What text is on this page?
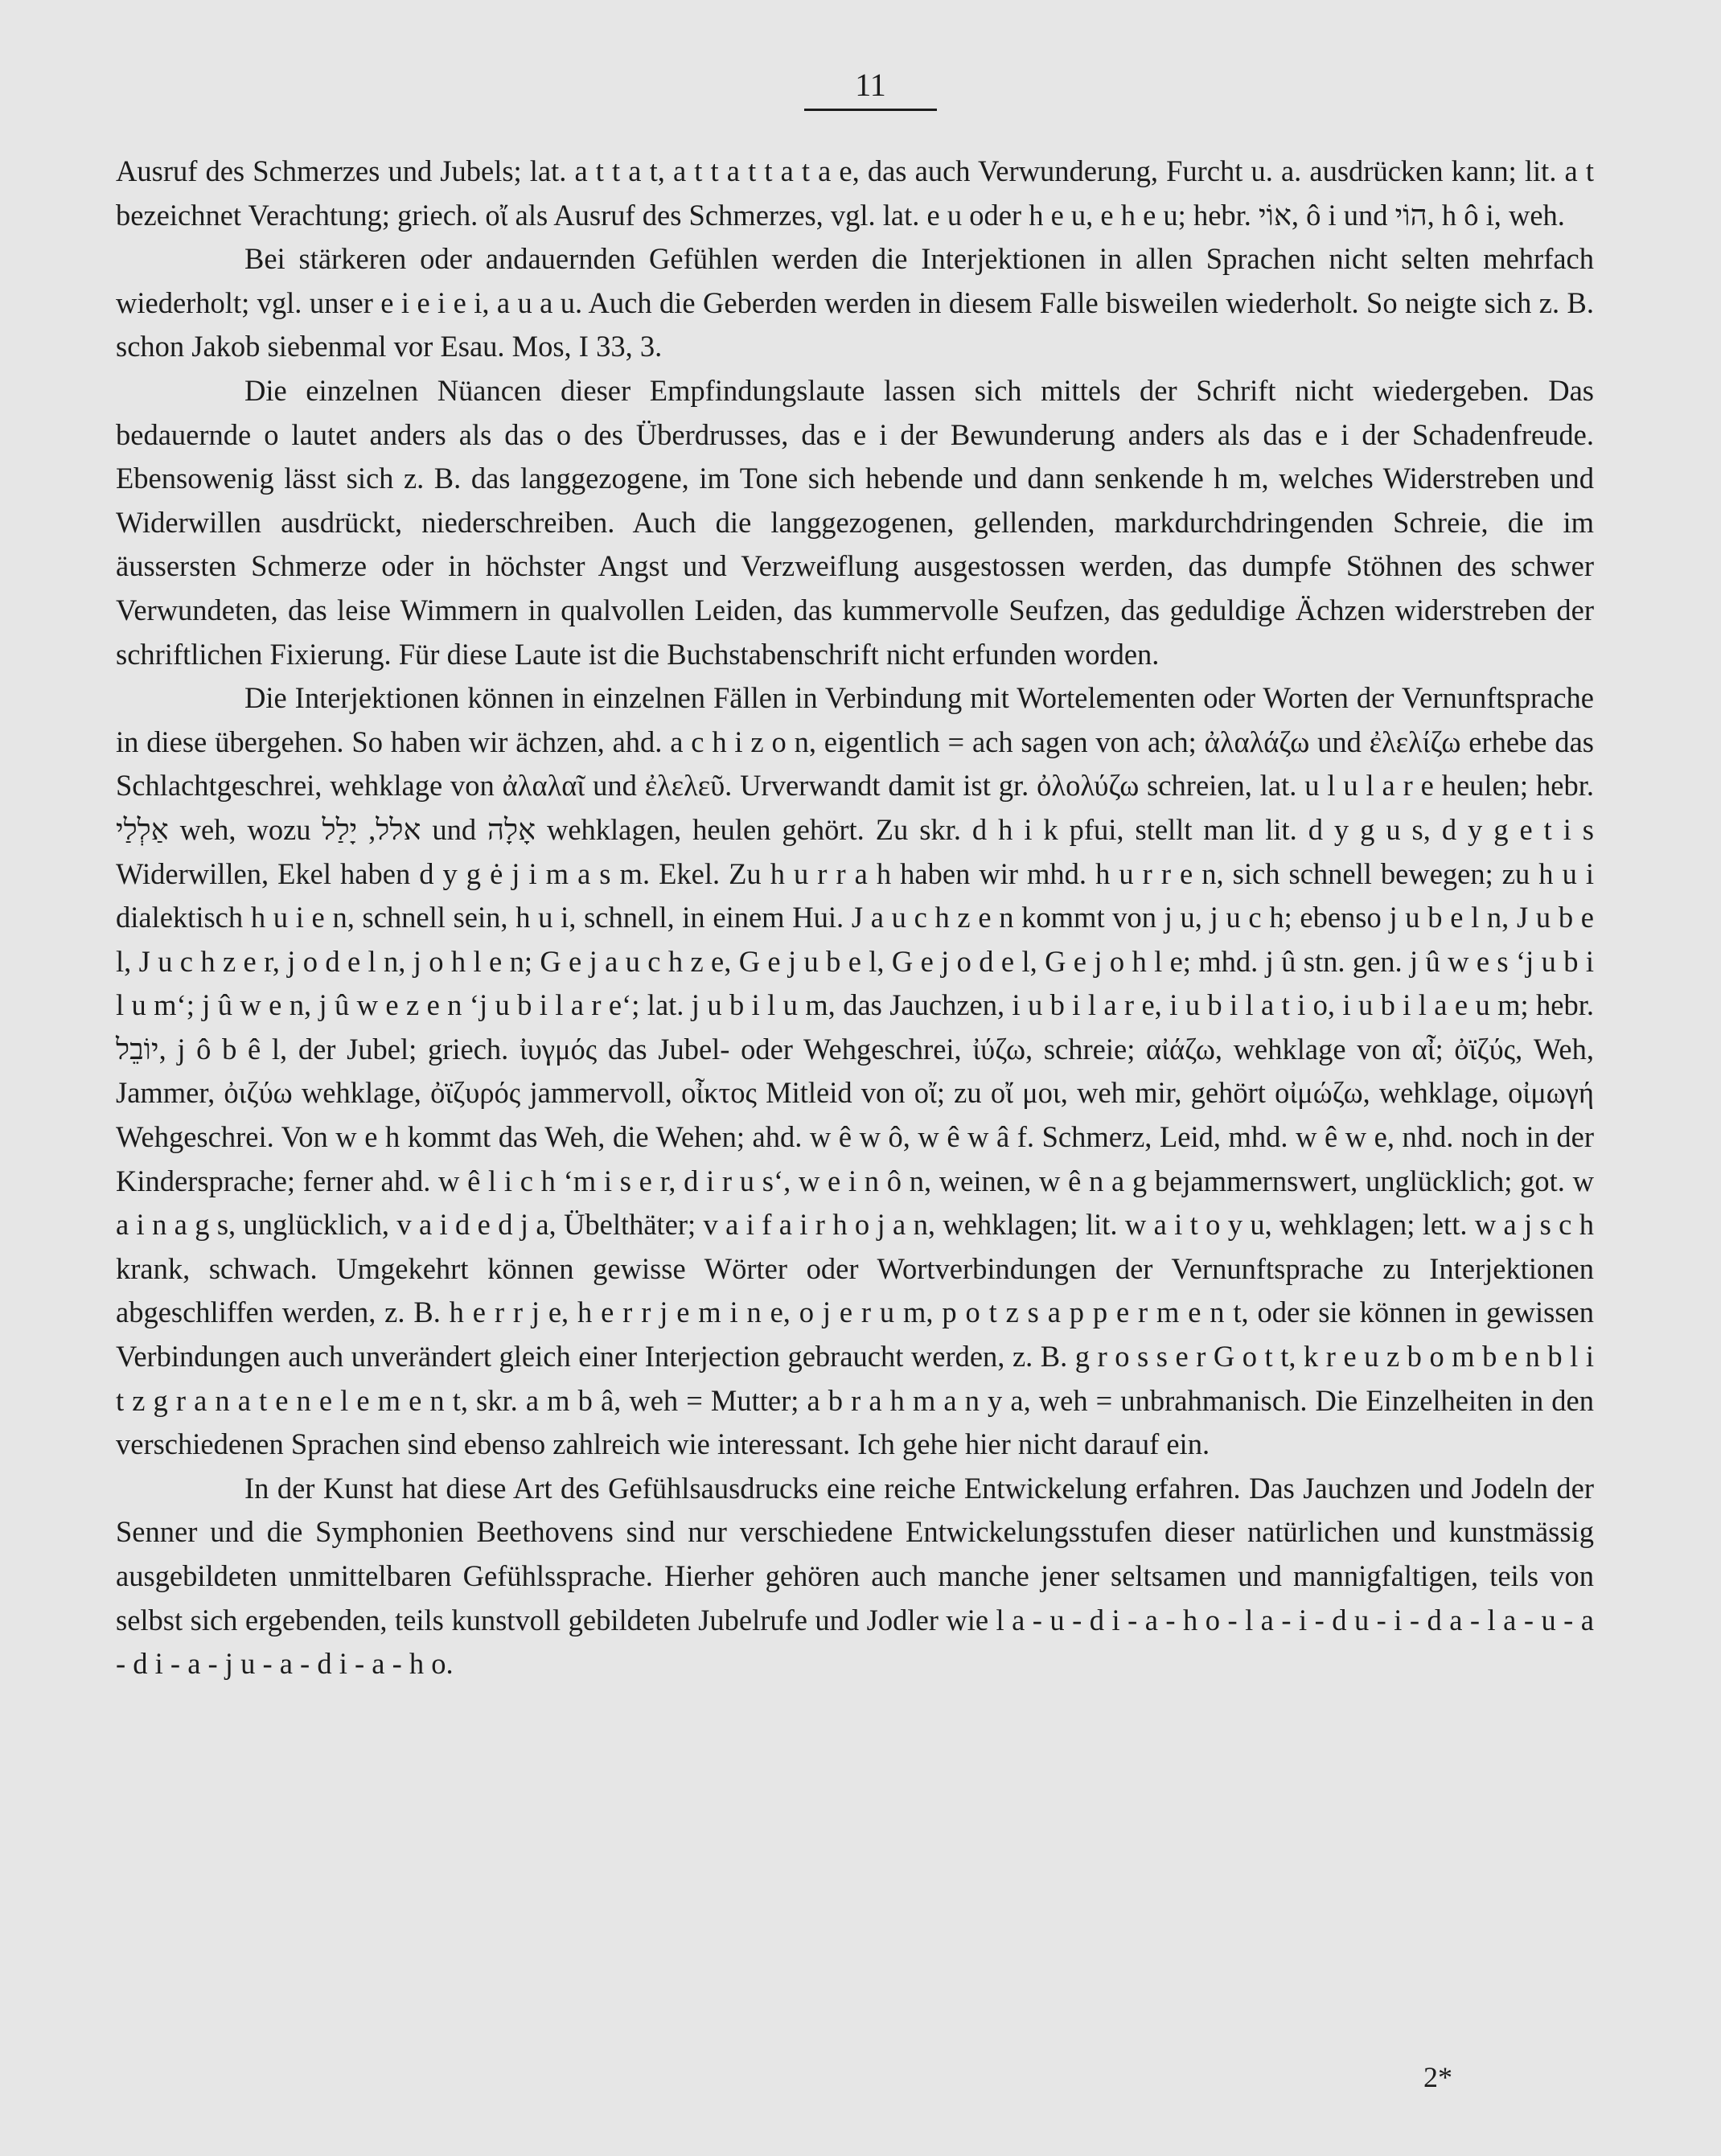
11

Ausruf des Schmerzes und Jubels; lat. a t t a t, a t t a t t a t a e, das auch Verwunderung, Furcht u. a. ausdrücken kann; lit. a t bezeichnet Verachtung; griech. οἴ als Ausruf des Schmerzes, vgl. lat. e u oder h e u, e h e u; hebr. אוֹי, ô i und הוֹי, h ô i, weh.

Bei stärkeren oder andauernden Gefühlen werden die Interjektionen in allen Sprachen nicht selten mehrfach wiederholt; vgl. unser e i e i e i, a u a u. Auch die Geberden werden in diesem Falle bisweilen wiederholt. So neigte sich z. B. schon Jakob siebenmal vor Esau. Mos, I 33, 3.

Die einzelnen Nüancen dieser Empfindungslaute lassen sich mittels der Schrift nicht wiedergeben. Das bedauernde o lautet anders als das o des Überdrusses, das e i der Bewunderung anders als das e i der Schadenfreude. Ebensowenig lässt sich z. B. das langgezogene, im Tone sich hebende und dann senkende h m, welches Widerstreben und Widerwillen ausdrückt, niederschreiben. Auch die langgezogenen, gellenden, markdurchdringenden Schreie, die im äussersten Schmerze oder in höchster Angst und Verzweiflung ausgestossen werden, das dumpfe Stöhnen des schwer Verwundeten, das leise Wimmern in qualvollen Leiden, das kummervolle Seufzen, das geduldige Ächzen widerstreben der schriftlichen Fixierung. Für diese Laute ist die Buchstabenschrift nicht erfunden worden.

Die Interjektionen können in einzelnen Fällen in Verbindung mit Wortelementen oder Worten der Vernunftsprache in diese übergehen. So haben wir ächzen, ahd. a c h i z o n, eigentlich = ach sagen von ach; ἀλαλάζω und ἐλελίζω erhebe das Schlachtgeschrei, wehklage von ἀλαλαῖ und ἐλελεῦ. Urverwandt damit ist gr. ὀλολύζω schreien, lat. u l u l a r e heulen; hebr. אַלְלַי weh, wozu אלל, יָלַל und אָלָה wehklagen, heulen gehört. Zu skr. d h i k pfui, stellt man lit. d y g u s, d y g e t i s Widerwillen, Ekel haben d y g ė j i m a s m. Ekel. Zu h u r r a h haben wir mhd. h u r r e n, sich schnell bewegen; zu h u i dialektisch h u i e n, schnell sein, h u i, schnell, in einem Hui. J a u c h z e n kommt von j u, j u c h; ebenso j u b e l n, J u b e l, J u c h z e r, j o d e l n, j o h l e n; G e j a u c h z e, G e j u b e l, G e j o d e l, G e j o h l e; mhd. j û stn. gen. j û w e s ‘j u b i l u m‘; j û w e n, j û w e z e n ‘j u b i l a r e‘; lat. j u b i l u m, das Jauchzen, i u b i l a r e, i u b i l a t i o, i u b i l a e u m; hebr. יוֹבֵל, j ô b ê l, der Jubel; griech. ἰυγμός das Jubel- oder Wehgeschrei, ἰύζω, schreie; αἰάζω, wehklage von αἶ; ὀϊζύς, Weh, Jammer, ὀιζύω wehklage, ὀϊζυρός jammervoll, οἶκτος Mitleid von οἴ; zu οἴ μοι, weh mir, gehört οἰμώζω, wehklage, οἰμωγή Wehgeschrei. Von w e h kommt das Weh, die Wehen; ahd. w ê w ô, w ê w â f. Schmerz, Leid, mhd. w ê w e, nhd. noch in der Kindersprache; ferner ahd. w ê l i c h ‘m i s e r, d i r u s‘, w e i n ô n, weinen, w ê n a g bejammernswert, unglücklich; got. w a i n a g s, unglücklich, v a i d e d j a, Übelthäter; v a i f a i r h o j a n, wehklagen; lit. w a i t o y u, wehklagen; lett. w a j s c h krank, schwach. Umgekehrt können gewisse Wörter oder Wortverbindungen der Vernunftsprache zu Interjektionen abgeschliffen werden, z. B. h e r r j e, h e r r j e m i n e, o j e r u m, p o t z s a p p e r m e n t, oder sie können in gewissen Verbindungen auch unverändert gleich einer Interjection gebraucht werden, z. B. g r o s s e r G o t t, k r e u z b o m b e n b l i t z g r a n a t e n e l e m e n t, skr. a m b â, weh = Mutter; a b r a h m a n y a, weh = unbrahmanisch. Die Einzelheiten in den verschiedenen Sprachen sind ebenso zahlreich wie interessant. Ich gehe hier nicht darauf ein.

In der Kunst hat diese Art des Gefühlsausdrucks eine reiche Entwickelung erfahren. Das Jauchzen und Jodeln der Senner und die Symphonien Beethovens sind nur verschiedene Entwickelungsstufen dieser natürlichen und kunstmässig ausgebildeten unmittelbaren Gefühlssprache. Hierher gehören auch manche jener seltsamen und mannigfaltigen, teils von selbst sich ergebenden, teils kunstvoll gebildeten Jubelrufe und Jodler wie l a - u - d i - a - h o - l a - i - d u - i - d a - l a - u - a - d i - a - j u - a - d i - a - h o.

2*
